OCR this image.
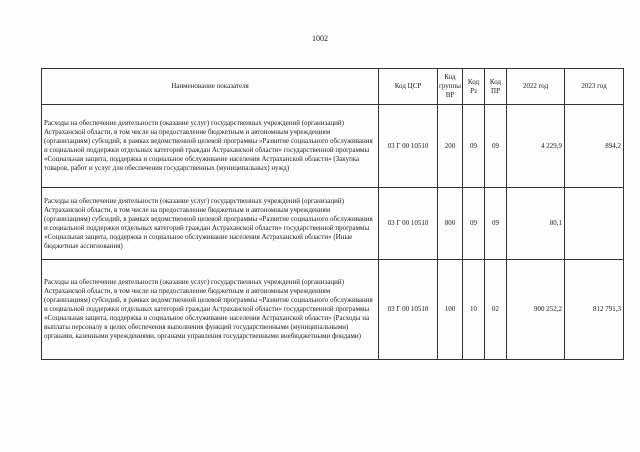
1002
Наименование показателя	Код ЦСР	Код группы ВР	Код Рз	Код ПР	2022 год	2023 год
Расходы на обеспечение деятельности (оказание услуг) государственных учреждений (организаций) Астраханской области, в том числе на предоставление бюджетным и автономным учреждениям (организациям) субсидий, в рамках ведомственной целевой программы «Развитие социального обслуживания и социальной поддержки отдельных категорий граждан Астраханской области» государственной программы «Социальная защита, поддержка и социальное обслуживание населения Астраханской области» (Закупка товаров, работ и услуг для обеспечения государственных (муниципальных) нужд)	03 Г 00 10510	200	09	09	4 229,9	894,2
Расходы на обеспечение деятельности (оказание услуг) государственных учреждений (организаций) Астраханской области, в том числе на предоставление бюджетным и автономным учреждениям (организациям) субсидий, в рамках ведомственной целевой программы «Развитие социального обслуживания и социальной поддержки отдельных категорий граждан Астраханской области» государственной программы «Социальная защита, поддержка и социальное обслуживание населения Астраханской области» (Иные бюджетные ассигнования)	03 Г 00 10510	800	09	09	80,1	
Расходы на обеспечение деятельности (оказание услуг) государственных учреждений (организаций) Астраханской области, в том числе на предоставление бюджетным и автономным учреждениям (организациям) субсидий, в рамках ведомственной целевой программы «Развитие социального обслуживания и социальной поддержки отдельных категорий граждан Астраханской области» государственной программы «Социальная защита, поддержка и социальное обслуживание населения Астраханской области» (Расходы на выплаты персоналу в целях обеспечения выполнения функций государственными (муниципальными) органами, казенными учреждениями, органами управления государственными внебюджетными фондами)	03 Г 00 10510	100	10	02	900 252,2	812 791,3
